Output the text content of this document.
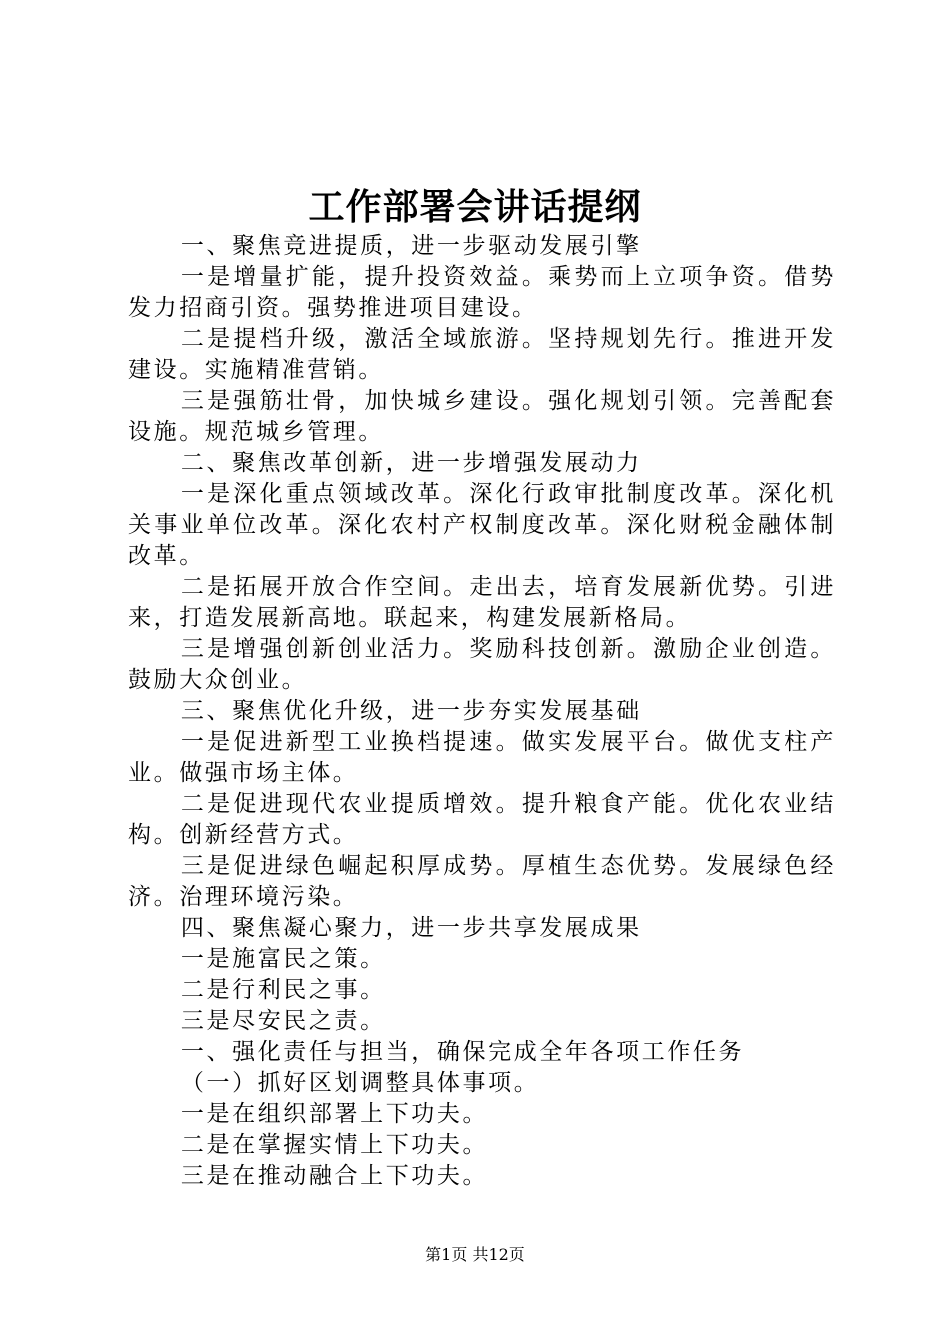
工作部署会讲话提纲

一、聚焦竞进提质，进一步驱动发展引擎

一是增量扩能，提升投资效益。乘势而上立项争资。借势发力招商引资。强势推进项目建设。

二是提档升级，激活全域旅游。坚持规划先行。推进开发建设。实施精准营销。

三是强筋壮骨，加快城乡建设。强化规划引领。完善配套设施。规范城乡管理。

二、聚焦改革创新，进一步增强发展动力

一是深化重点领域改革。深化行政审批制度改革。深化机关事业单位改革。深化农村产权制度改革。深化财税金融体制改革。

二是拓展开放合作空间。走出去，培育发展新优势。引进来，打造发展新高地。联起来，构建发展新格局。

三是增强创新创业活力。奖励科技创新。激励企业创造。鼓励大众创业。

三、聚焦优化升级，进一步夯实发展基础

一是促进新型工业换档提速。做实发展平台。做优支柱产业。做强市场主体。

二是促进现代农业提质增效。提升粮食产能。优化农业结构。创新经营方式。

三是促进绿色崛起积厚成势。厚植生态优势。发展绿色经济。治理环境污染。

四、聚焦凝心聚力，进一步共享发展成果

一是施富民之策。

二是行利民之事。

三是尽安民之责。

一、强化责任与担当，确保完成全年各项工作任务

（一）抓好区划调整具体事项。

一是在组织部署上下功夫。

二是在掌握实情上下功夫。

三是在推动融合上下功夫。

第1页 共12页
